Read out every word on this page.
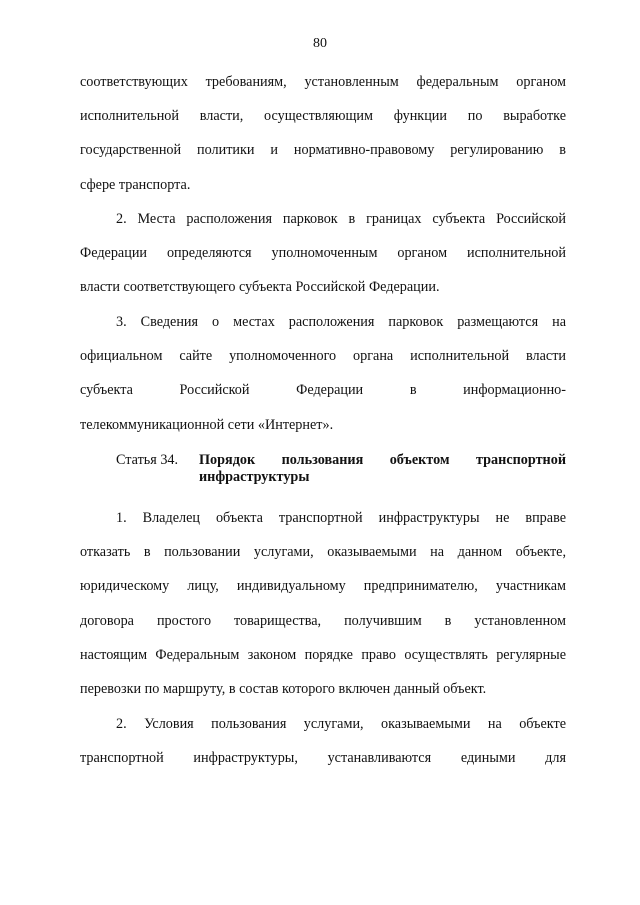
80
соответствующих требованиям, установленным федеральным органом
исполнительной власти, осуществляющим функции по выработке
государственной политики и нормативно-правовому регулированию в
сфере транспорта.
2. Места расположения парковок в границах субъекта Российской
Федерации определяются уполномоченным органом исполнительной
власти соответствующего субъекта Российской Федерации.
3. Сведения о местах расположения парковок размещаются на
официальном сайте уполномоченного органа исполнительной власти
субъекта Российской Федерации в информационно-
телекоммуникационной сети «Интернет».
Статья 34. Порядок пользования объектом транспортной
инфраструктуры
1. Владелец объекта транспортной инфраструктуры не вправе
отказать в пользовании услугами, оказываемыми на данном объекте,
юридическому лицу, индивидуальному предпринимателю, участникам
договора простого товарищества, получившим в установленном
настоящим Федеральным законом порядке право осуществлять регулярные
перевозки по маршруту, в состав которого включен данный объект.
2. Условия пользования услугами, оказываемыми на объекте
транспортной инфраструктуры, устанавливаются едиными для
